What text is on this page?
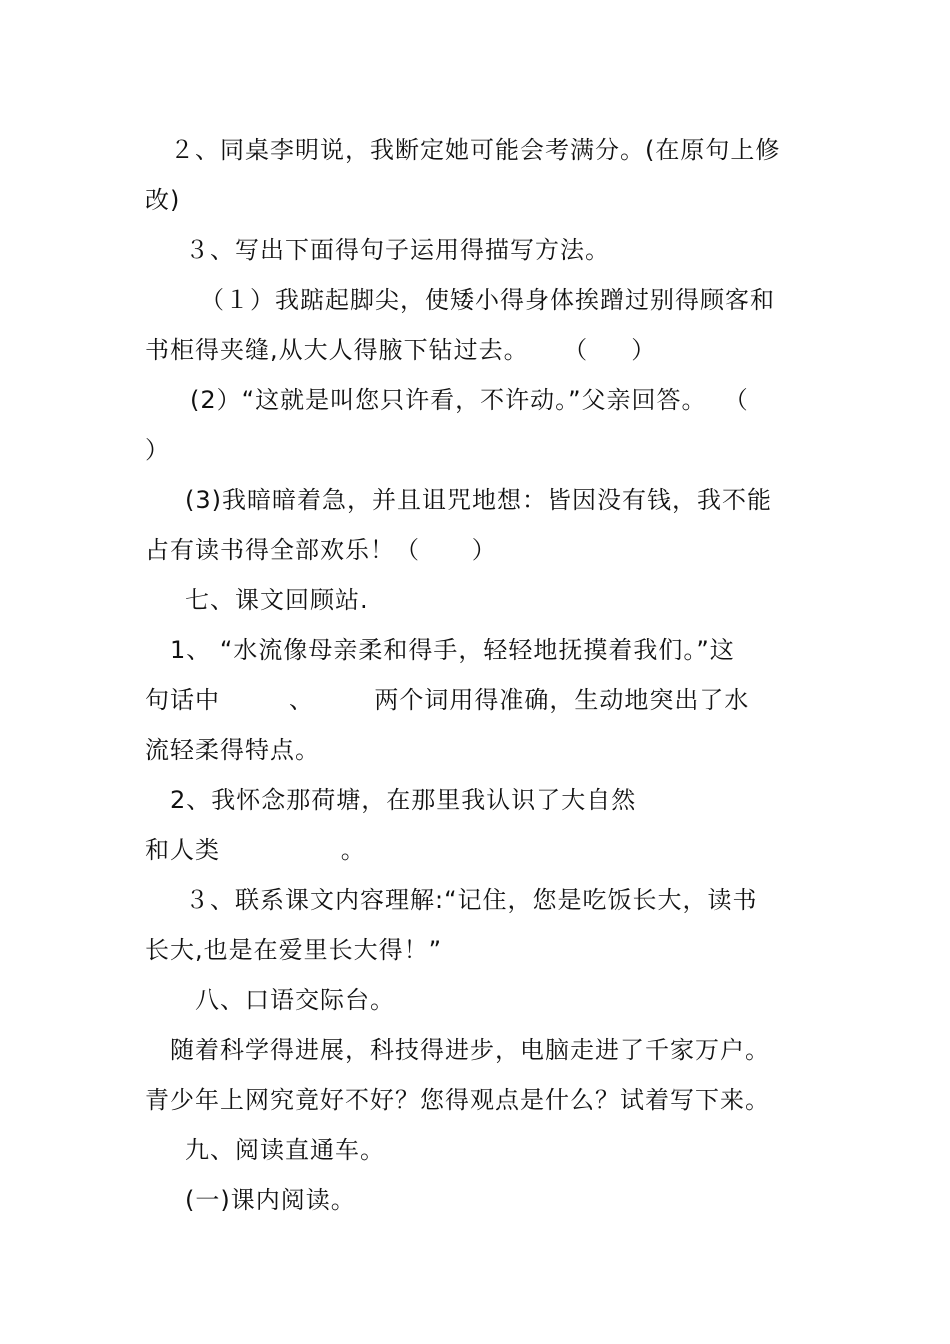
２、同桌李明说，我断定她可能会考满分。(在原句上修
改)
３、写出下面得句子运用得描写方法。
（１）我踮起脚尖，使矮小得身体挨蹭过别得顾客和
书柜得夹缝,从大人得腋下钻过去。    （     ）
(2）“这就是叫您只许看，不许动。”父亲回答。  （
）
(3)我暗暗着急，并且诅咒地想：皆因没有钱，我不能
占有读书得全部欢乐！（      ）
七、课文回顾站.
1、 “水流像母亲柔和得手，轻轻地抚摸着我们。”这
句话中        、       两个词用得准确，生动地突出了水
流轻柔得特点。
2、我怀念那荷塘，在那里我认识了大自然
和人类              。
３、联系课文内容理解:“记住，您是吃饭长大，读书
长大,也是在爱里长大得！”
八、口语交际台。
随着科学得进展，科技得进步，电脑走进了千家万户。
青少年上网究竟好不好？您得观点是什么？试着写下来。
九、阅读直通车。
(一)课内阅读。
